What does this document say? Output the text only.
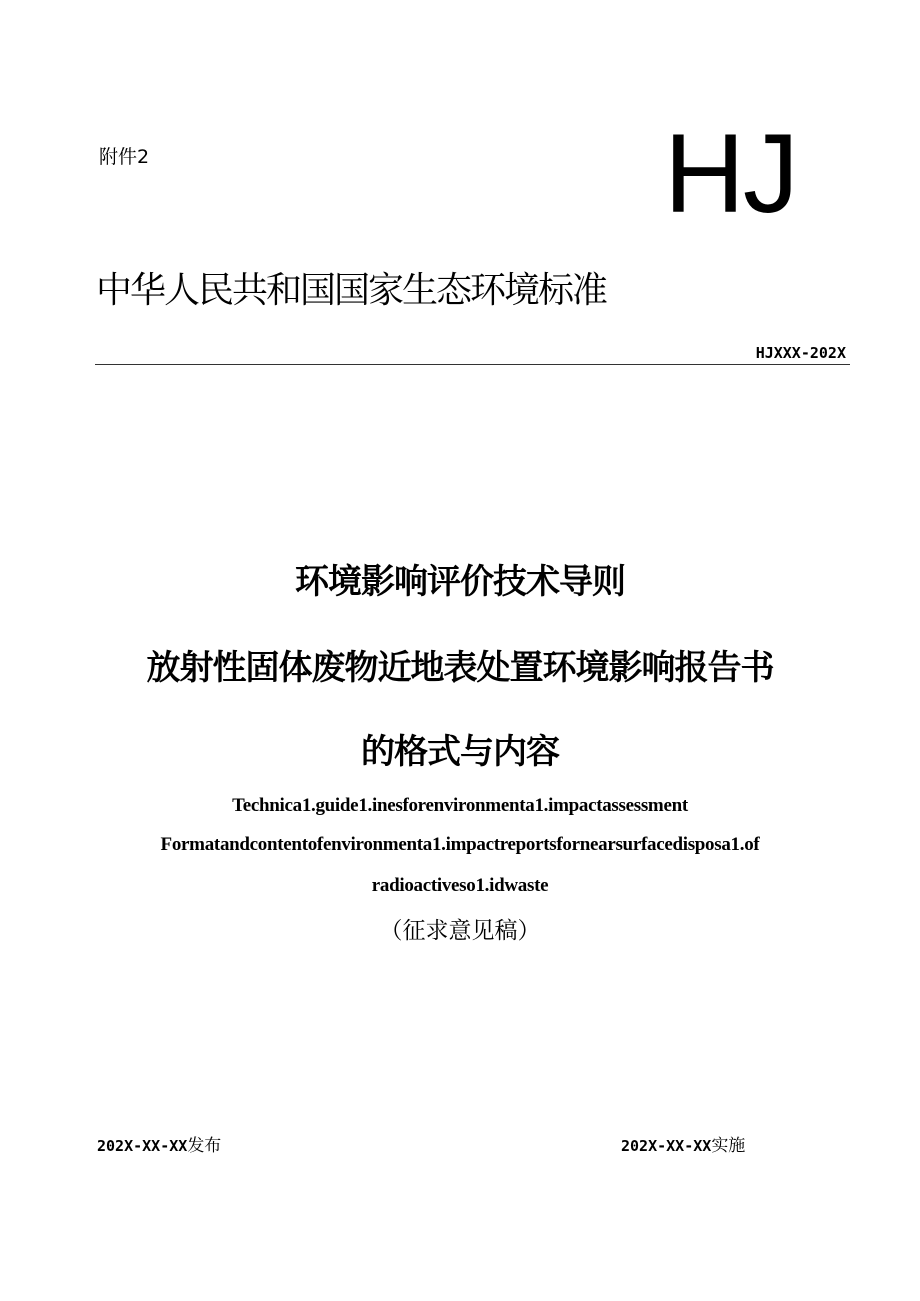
附件2	HJ
中华人民共和国国家生态环境标准
HJXXX-202X
环境影响评价技术导则
放射性固体废物近地表处置环境影响报告书
的格式与内容
Technica1.guide1.inesforenvironmenta1.impactassessment
Formatandcontentofenvironmenta1.impactreportsfornearsurfacedisposa1.of
radioactiveso1.idwaste
（征求意见稿）
202X-XX-XX发布	202X-XX-XX实施
